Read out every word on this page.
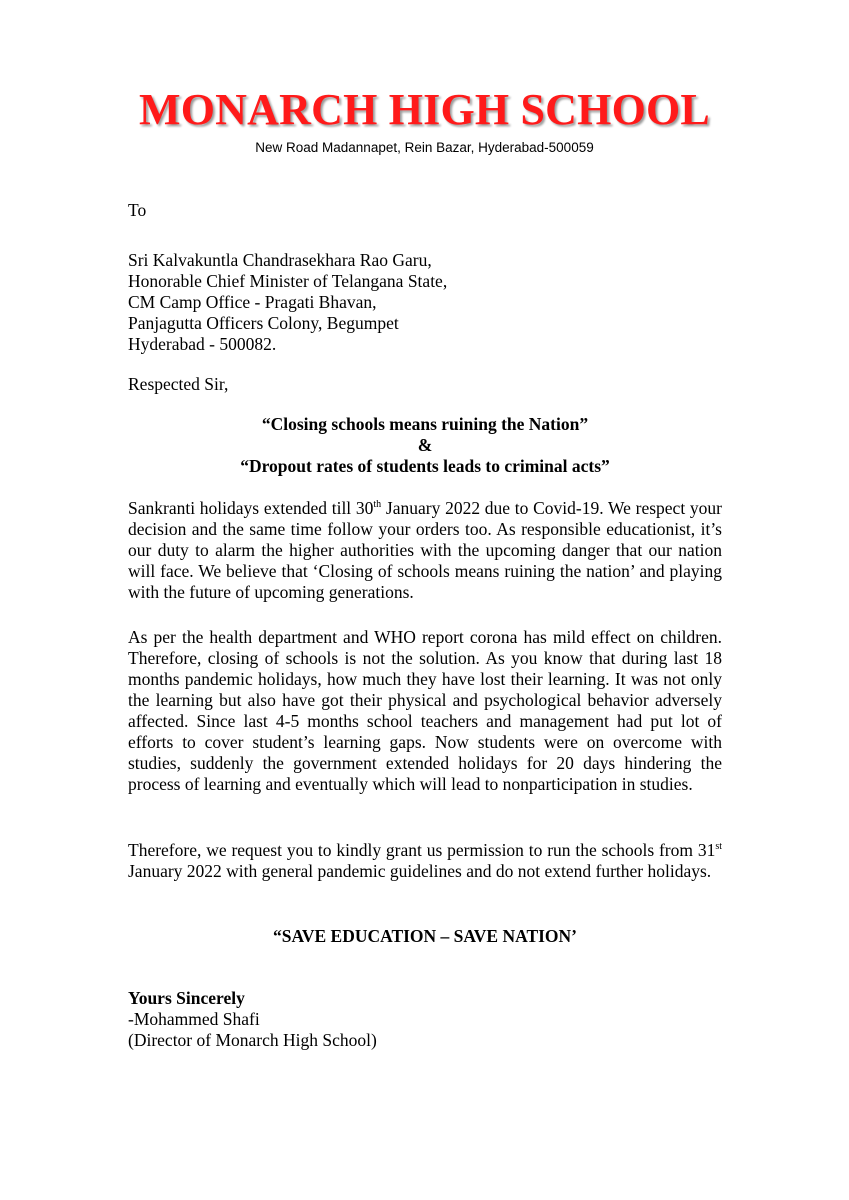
MONARCH HIGH SCHOOL

New Road Madannapet, Rein Bazar, Hyderabad-500059

To

Sri Kalvakuntla Chandrasekhara Rao Garu,
Honorable Chief Minister of Telangana State,
CM Camp Office - Pragati Bhavan,
Panjagutta Officers Colony, Begumpet
Hyderabad - 500082.

Respected Sir,

“Closing schools means ruining the Nation”
&
“Dropout rates of students leads to criminal acts”

Sankranti holidays extended till 30th January 2022 due to Covid-19. We respect your decision and the same time follow your orders too. As responsible educationist, it’s our duty to alarm the higher authorities with the upcoming danger that our nation will face. We believe that ‘Closing of schools means ruining the nation’ and playing with the future of upcoming generations.

As per the health department and WHO report corona has mild effect on children. Therefore, closing of schools is not the solution. As you know that during last 18 months pandemic holidays, how much they have lost their learning. It was not only the learning but also have got their physical and psychological behavior adversely affected. Since last 4-5 months school teachers and management had put lot of efforts to cover student’s learning gaps. Now students were on overcome with studies, suddenly the government extended holidays for 20 days hindering the process of learning and eventually which will lead to nonparticipation in studies.

Therefore, we request you to kindly grant us permission to run the schools from 31st January 2022 with general pandemic guidelines and do not extend further holidays.

“SAVE EDUCATION – SAVE NATION’

Yours Sincerely
-Mohammed Shafi
(Director of Monarch High School)
